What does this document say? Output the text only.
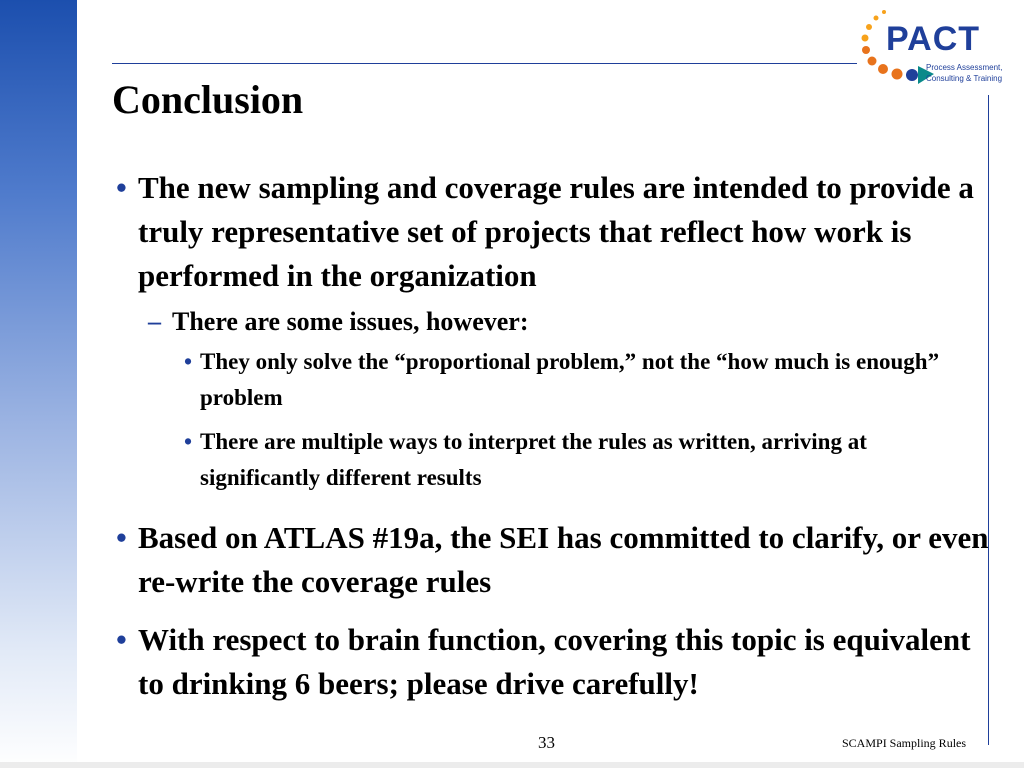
PACT
Process Assessment,
Consulting & Training
Conclusion
• The new sampling and coverage rules are intended to provide a truly representative set of projects that reflect how work is performed in the organization
– There are some issues, however:
• They only solve the “proportional problem,” not the “how much is enough” problem
• There are multiple ways to interpret the rules as written, arriving at significantly different results
• Based on ATLAS #19a, the SEI has committed to clarify, or even re-write the coverage rules
• With respect to brain function, covering this topic is equivalent to drinking 6 beers; please drive carefully!
33	SCAMPI Sampling Rules
